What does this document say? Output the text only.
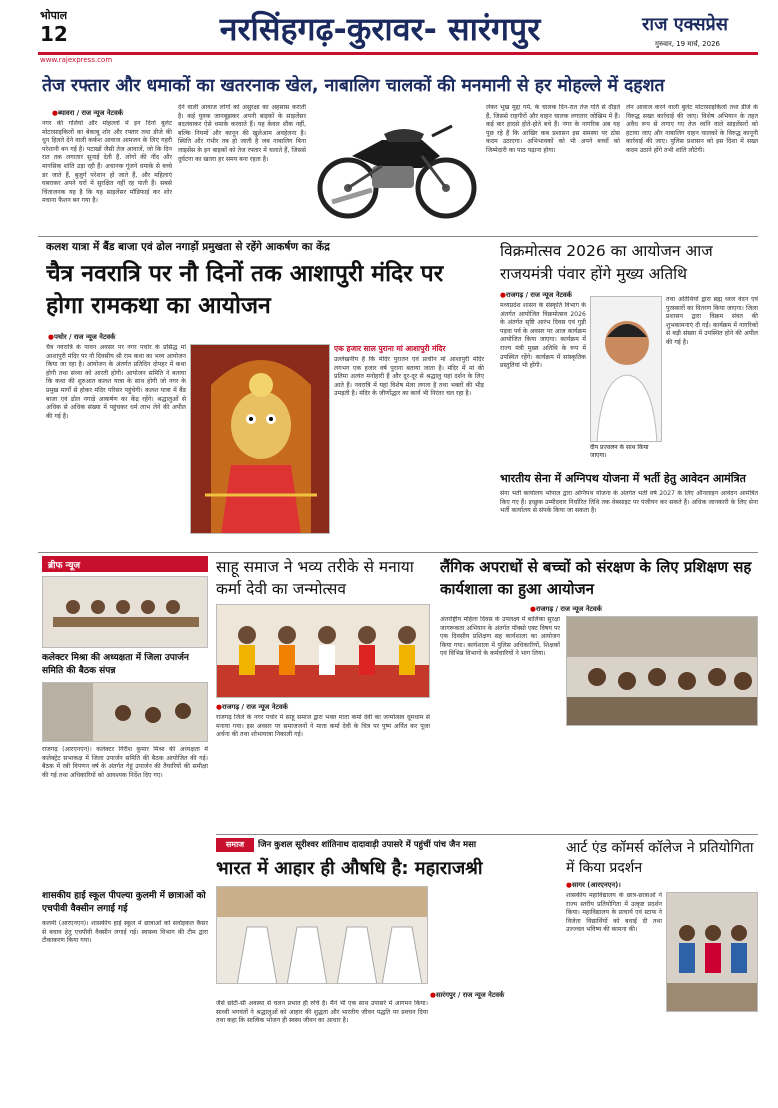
भोपाल
12	नरसिंहगढ़-कुरावर- सारंगपुर	राज एक्सप्रेस
गुरुवार, 19 मार्च, 2026
www.rajexpress.com
तेज रफ्तार और धमाकों का खतरनाक खेल, नाबालिग चालकों की मनमानी से हर मोहल्ले में दहशत
● ब्यावरा / राज न्यूज नेटवर्क
नगर की गलियों और मोहल्लों में इन दिनों बुलेट मोटरसाइकिलों का बेकाबू शोर और रफ्तार तथा डीजे की धुन हिलते देने वाली कर्कश आवाज आमजन के लिए गहरी परेशानी बन गई है। पटाखों जैसी तेज आवाजें, जो कि दिन रात तक लगातार सुनाई देती हैं, लोगों की नींद और मानसिक शांति उड़ा रही हैं। अचानक गूंजने धमाके से बच्चे डर जाते हैं, बुजुर्ग परेशान हो जाते हैं, और महिलाएं घबराकर अपने घरों में सुरक्षित नहीं रह पाती हैं। सबसे चिंताजनक यह है कि यह साइलेंसर मॉडिफाई कर शोर मचाना फैशन बन गया है।
देने वाली आवाज लोगों को असुरक्षा का अहसास कराती है। कई युवक जानबूझकर अपनी बाइकों के साइलेंसर बदलवाकर ऐसे धमाके करवाते हैं। यह केवल शौक नहीं, बल्कि नियमों और कानून की खुलेआम अवहेलना है। स्थिति और गंभीर तब हो जाती है जब नाबालिग बिना लाइसेंस के इन बाइकों को तेज रफ्तार में चलाते हैं, जिससे दुर्घटना का खतरा हर समय बना रहता है।
लेकर भूख मुद्दा गर्म, के चालक दिन-रात तेज गति से दौड़ते हैं, जिससे राहगीरों और वाहन चालक लगातार जोखिम में हैं। कई बार हादसे होते-होते बचे हैं। नगर के नागरिक अब यह पूछ रहे हैं कि आखिर कब प्रशासन इस समस्या पर ठोस कदम उठाएगा। अभिभावकों को भी अपने बच्चों को जिम्मेदारी का पाठ पढ़ाना होगा।
लेन आवाज करने वाली बुलेट मोटरसाइकिलों तथा डीजे के विरुद्ध सख्त कार्रवाई की जाए। विशेष अभियान के तहत अवैध रूप से लगाए गए तेज ध्वनि वाले साइलेंसरों को हटाया जाए और नाबालिग वाहन चालकों के विरुद्ध कानूनी कार्रवाई की जाए। पुलिस प्रशासन को इस दिशा में सख्त कदम उठाने होंगे तभी शांति लौटेगी।
कलश यात्रा में बैंड बाजा एवं ढोल नगाड़ों प्रमुखता से रहेंगे आकर्षण का केंद्र
चैत्र नवरात्रि पर नौ दिनों तक आशापुरी मंदिर पर होगा रामकथा का आयोजन
● पचोर / राज न्यूज नेटवर्क
चैत्र नवरात्रि के पावन अवसर पर नगर पचोर के प्रसिद्ध मां आशापुरी मंदिर पर नौ दिवसीय श्री राम कथा का भव्य आयोजन किया जा रहा है। आयोजन के अंतर्गत प्रतिदिन दोपहर में कथा होगी तथा संध्या को आरती होगी। आयोजन समिति ने बताया कि कथा की शुरुआत कलश यात्रा के साथ होगी जो नगर के प्रमुख मार्गों से होकर मंदिर परिसर पहुंचेगी। कलश यात्रा में बैंड बाजा एवं ढोल नगाड़े आकर्षण का केंद्र रहेंगे। श्रद्धालुओं से अधिक से अधिक संख्या में पहुंचकर धर्म लाभ लेने की अपील की गई है।
एक हजार साल पुराना मां आशापुरी मंदिर
उल्लेखनीय है कि मंदिर पुरातन एवं प्राचीन मां आशापुरी मंदिर लगभग एक हजार वर्ष पुराना बताया जाता है। मंदिर में मां की प्रतिमा अत्यंत मनोहारी है और दूर-दूर से श्रद्धालु यहां दर्शन के लिए आते हैं। नवरात्रि में यहां विशेष मेला लगता है तथा भक्तों की भीड़ उमड़ती है। मंदिर के जीर्णोद्धार का कार्य भी निरंतर चल रहा है।
विक्रमोत्सव 2026 का आयोजन आज राजयमंत्री पंवार होंगे मुख्य अतिथि
● राजगढ़ / राज न्यूज नेटवर्क
मध्यप्रदेश शासन के संस्कृति विभाग के अंतर्गत आयोजित विक्रमोत्सव 2026 के अंतर्गत सृष्टि आरंभ दिवस एवं गुड़ी पड़वा पर्व के अवसर पर आज कार्यक्रम आयोजित किया जाएगा। कार्यक्रम में राज्य मंत्री मुख्य अतिथि के रूप में उपस्थित रहेंगे। कार्यक्रम में सांस्कृतिक प्रस्तुतियां भी होंगी।
दीप प्रज्वलन के साथ किया जाएगा।
तथा अतिथियों द्वारा ब्रह्म ध्वज वंदन एवं पुरस्कारों का वितरण किया जाएगा। जिला प्रशासन द्वारा विक्रम संवत की शुभकामनाएं दी गईं। कार्यक्रम में नागरिकों से बड़ी संख्या में उपस्थित होने की अपील की गई है।
भारतीय सेना में अग्निपथ योजना में भर्ती हेतु आवेदन आमंत्रित
सेना भर्ती कार्यालय भोपाल द्वारा अग्निपथ योजना के अंतर्गत भर्ती वर्ष 2027 के लिए ऑनलाइन आवेदन आमंत्रित किए गए हैं। इच्छुक उम्मीदवार निर्धारित तिथि तक वेबसाइट पर पंजीयन कर सकते हैं। अधिक जानकारी के लिए सेना भर्ती कार्यालय से संपर्क किया जा सकता है।
ब्रीफ न्यूज
कलेक्टर मिश्रा की अध्यक्षता में जिला उपार्जन समिति की बैठक संपन्न
राजगढ़ (आरएनएन)। कलेक्टर गिरीश कुमार मिश्रा की अध्यक्षता में कलेक्ट्रेट सभाकक्ष में जिला उपार्जन समिति की बैठक आयोजित की गई। बैठक में रबी विपणन वर्ष के अंतर्गत गेहूं उपार्जन की तैयारियों की समीक्षा की गई तथा अधिकारियों को आवश्यक निर्देश दिए गए।
शासकीय हाई स्कूल पीपल्या कुलमी में छात्राओं को एचपीवी वैक्सीन लगाई गई
कलमी (आरएनएन)। शासकीय हाई स्कूल में छात्राओं को सर्वाइकल कैंसर से बचाव हेतु एचपीवी वैक्सीन लगाई गई। स्वास्थ्य विभाग की टीम द्वारा टीकाकरण किया गया।
साहू समाज ने भव्य तरीके से मनाया कर्मा देवी का जन्मोत्सव
● राजगढ़ / राज न्यूज नेटवर्क
राजगढ़ जिले के नगर पचोर में साहू समाज द्वारा भक्त माता कर्मा देवी का जन्मोत्सव धूमधाम से मनाया गया। इस अवसर पर समाजजनों ने माता कर्मा देवी के चित्र पर पुष्प अर्पित कर पूजा अर्चना की तथा शोभायात्रा निकाली गई।
लैंगिक अपराधों से बच्चों को संरक्षण के लिए प्रशिक्षण सह कार्यशाला का हुआ आयोजन
● राजगढ़ / राज न्यूज नेटवर्क
अंतर्राष्ट्रीय महिला दिवस के उपलक्ष्य में बालिका सुरक्षा जागरूकता अभियान के अंतर्गत पॉक्सो एक्ट विषय पर एक दिवसीय प्रशिक्षण सह कार्यशाला का आयोजन किया गया। कार्यशाला में पुलिस अधिकारियों, शिक्षकों एवं विभिन्न विभागों के कर्मचारियों ने भाग लिया।
समाज	जिन कुशल सूरीश्वर शांतिनाथ दादावाड़ी उपासरे में पहुंचीं पांच जैन मसा
भारत में आहार ही औषधि है: महाराजश्री
● सारंगपुर / राज न्यूज नेटवर्क
जैसे छोटी-सी अवस्था से चलन प्रभात ही रुचि है। मैंने भी एक साथ उपासरे में आगमन किया। साध्वी भगवंतों ने श्रद्धालुओं को आहार की शुद्धता और भारतीय जीवन पद्धति पर प्रवचन दिया तथा कहा कि सात्विक भोजन ही स्वस्थ जीवन का आधार है।
आर्ट एंड कॉमर्स कॉलेज ने प्रतियोगिता में किया प्रदर्शन
● सागर (आरएनएन)।
शासकीय महाविद्यालय के छात्र-छात्राओं ने राज्य स्तरीय प्रतियोगिता में उत्कृष्ट प्रदर्शन किया। महाविद्यालय के प्राचार्य एवं स्टाफ ने विजेता विद्यार्थियों को बधाई दी तथा उज्ज्वल भविष्य की कामना की।
